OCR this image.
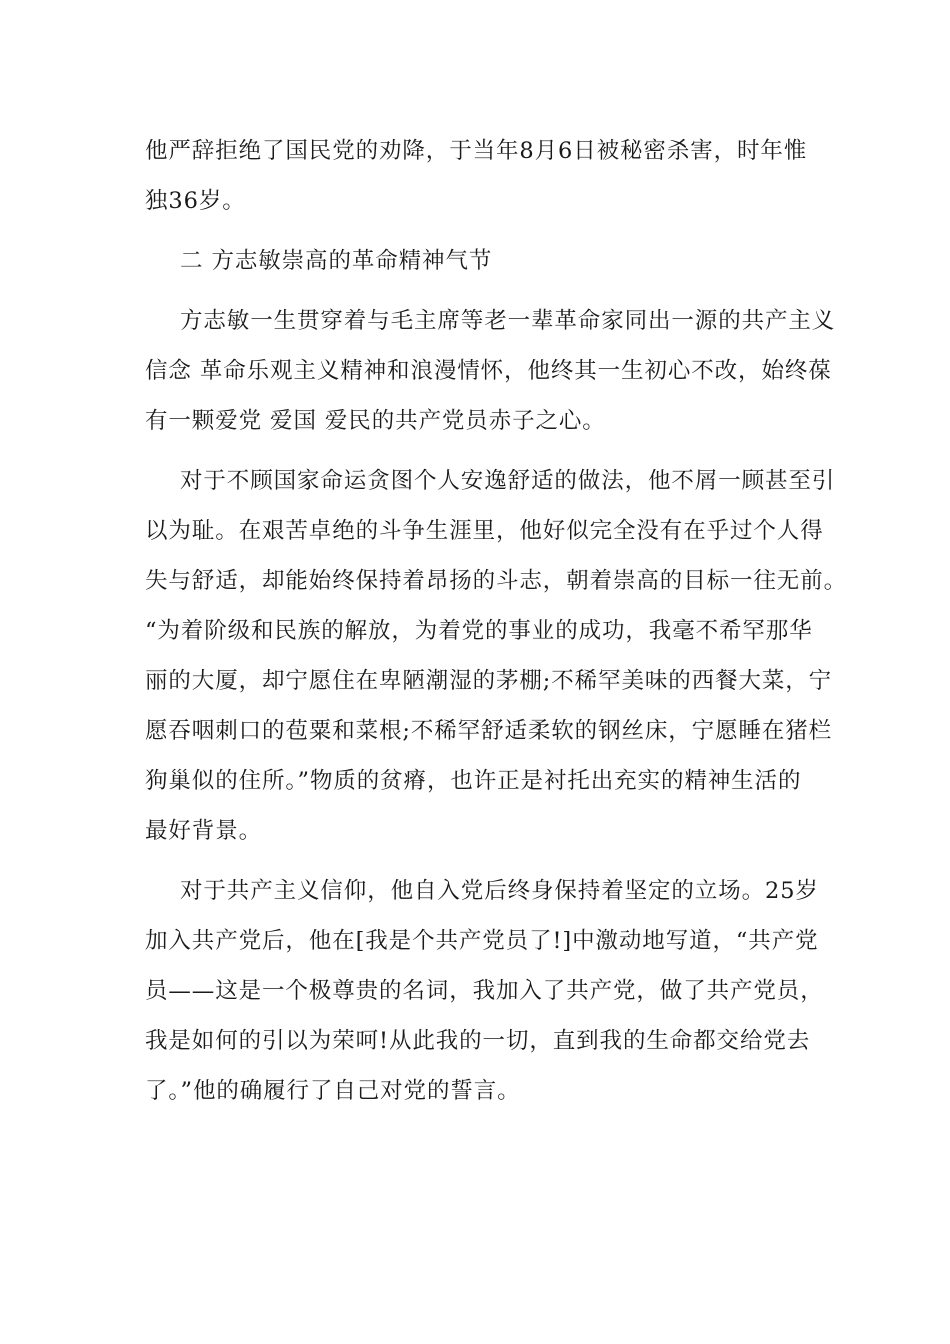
他严辞拒绝了国民党的劝降，于当年8月6日被秘密杀害，时年惟
独36岁。
二 方志敏崇高的革命精神气节
方志敏一生贯穿着与毛主席等老一辈革命家同出一源的共产主义
信念 革命乐观主义精神和浪漫情怀，他终其一生初心不改，始终葆
有一颗爱党 爱国 爱民的共产党员赤子之心。
对于不顾国家命运贪图个人安逸舒适的做法，他不屑一顾甚至引
以为耻。在艰苦卓绝的斗争生涯里，他好似完全没有在乎过个人得
失与舒适，却能始终保持着昂扬的斗志，朝着崇高的目标一往无前。
“为着阶级和民族的解放，为着党的事业的成功，我毫不希罕那华
丽的大厦，却宁愿住在卑陋潮湿的茅棚;不稀罕美味的西餐大菜，宁
愿吞咽刺口的苞粟和菜根;不稀罕舒适柔软的钢丝床，宁愿睡在猪栏
狗巢似的住所。”物质的贫瘠，也许正是衬托出充实的精神生活的
最好背景。
对于共产主义信仰，他自入党后终身保持着坚定的立场。25岁
加入共产党后，他在[我是个共产党员了!]中激动地写道，“共产党
员——这是一个极尊贵的名词，我加入了共产党，做了共产党员，
我是如何的引以为荣呵!从此我的一切，直到我的生命都交给党去
了。”他的确履行了自己对党的誓言。
